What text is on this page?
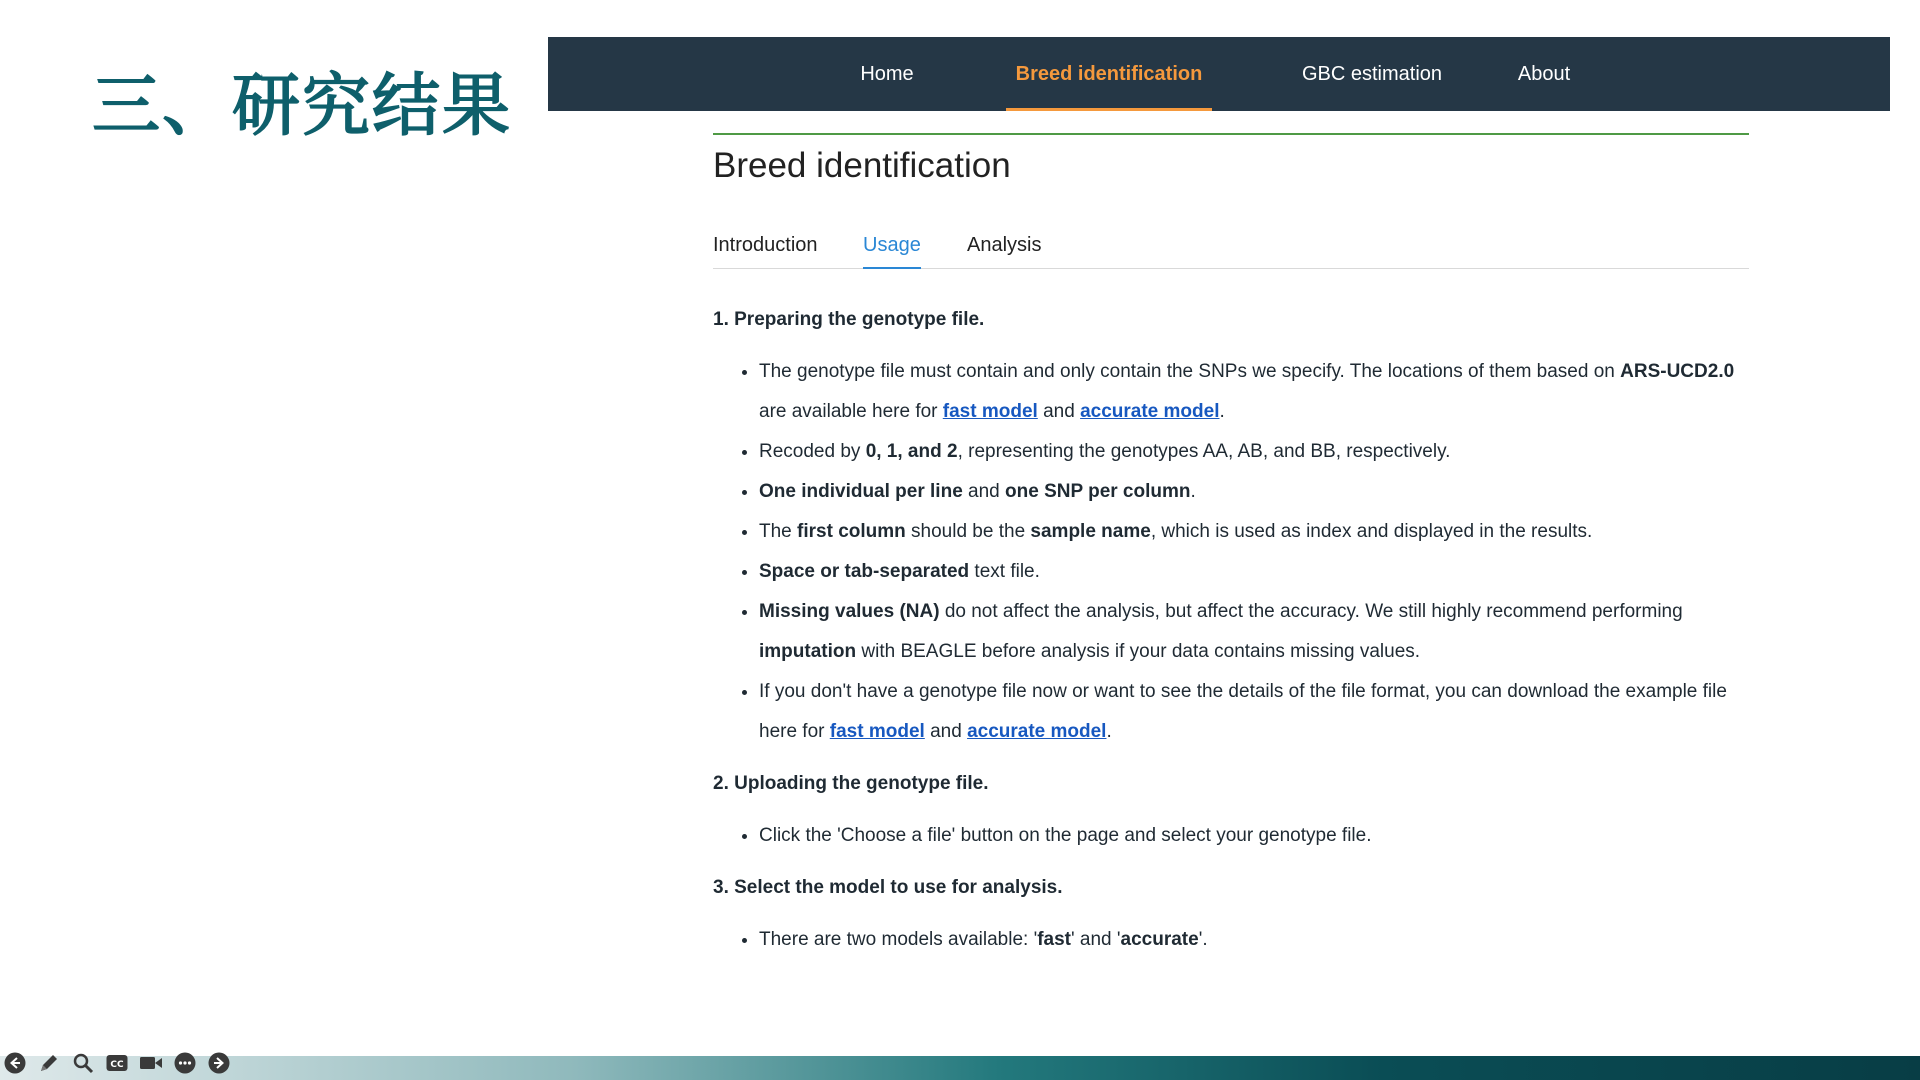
三、研究结果	Home	Breed identification	GBC estimation	About
Breed identification
Introduction Usage Analysis

1. Preparing the genotype file.

• The genotype file must contain and only contain the SNPs we specify. The locations of them based on ARS-UCD2.0 are available here for fast model and accurate model.
• Recoded by 0, 1, and 2, representing the genotypes AA, AB, and BB, respectively.
• One individual per line and one SNP per column.
• The first column should be the sample name, which is used as index and displayed in the results.
• Space or tab-separated text file.
• Missing values (NA) do not affect the analysis, but affect the accuracy. We still highly recommend performing imputation with BEAGLE before analysis if your data contains missing values.
• If you don't have a genotype file now or want to see the details of the file format, you can download the example file here for fast model and accurate model.

2. Uploading the genotype file.

• Click the 'Choose a file' button on the page and select your genotype file.

3. Select the model to use for analysis.

• There are two models available: 'fast' and 'accurate'.
CC
